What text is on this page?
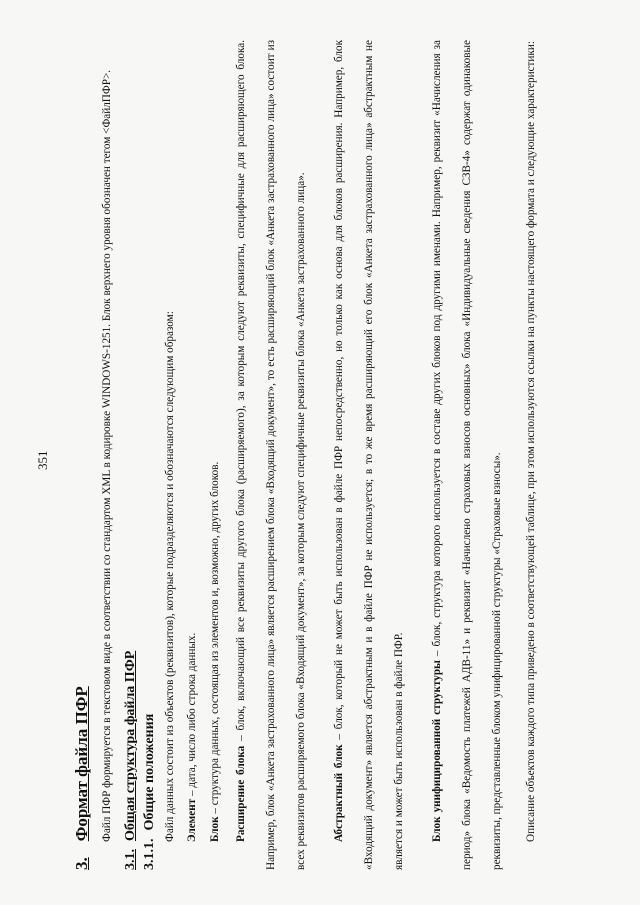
351
3.Формат файла ПФР Файл ПФР формируется в текстовом виде в соответствии со стандартом XML в кодировке WINDOWS-1251. Блок верхнего уровня обозначен тегом <ФайлПФР>.

3.1.Общая структура файла ПФР
3.1.1.Общие положения Файл данных состоит из объектов (реквизитов), которые подразделяются и обозначаются следующим образом: Элемент – дата, число либо строка данных.

Блок – структура данных, состоящая из элементов и, возможно, других блоков.	Расширение блока – блок, включающий все реквизиты другого блока (расширяемого), за которым следуют реквизиты, специфичные для расширяющего блока. Например, блок «Анкета застрахованного лица» является расширением блока «Входящий документ», то есть расширяющий блок «Анкета застрахованного лица» состоит из всех реквизитов расширяемого блока «Входящий документ», за которым следуют специфичные реквизиты блока «Анкета застрахованного лица».	Абстрактный блок – блок, который не может быть использован в файле ПФР непосредственно, но только как основа для блоков расширения. Например, блок «Входящий документ» является абстрактным и в файле ПФР не используется; в то же время расширяющий его блок «Анкета застрахованного лица» абстрактным не является и может быть использован в файле ПФР.	Блок унифицированной структуры – блок, структура которого используется в составе других блоков под другими именами. Например, реквизит «Начисления за период» блока «Ведомость платежей АДВ-11» и реквизит «Начислено страховых взносов основных» блока «Индивидуальные сведения СЗВ-4» содержат одинаковые реквизиты, представленные блоком унифицированной структуры «Страховые взносы».	Описание объектов каждого типа приведено в соответствующей таблице, при этом используются ссылки на пункты настоящего формата и следующие характеристики:
